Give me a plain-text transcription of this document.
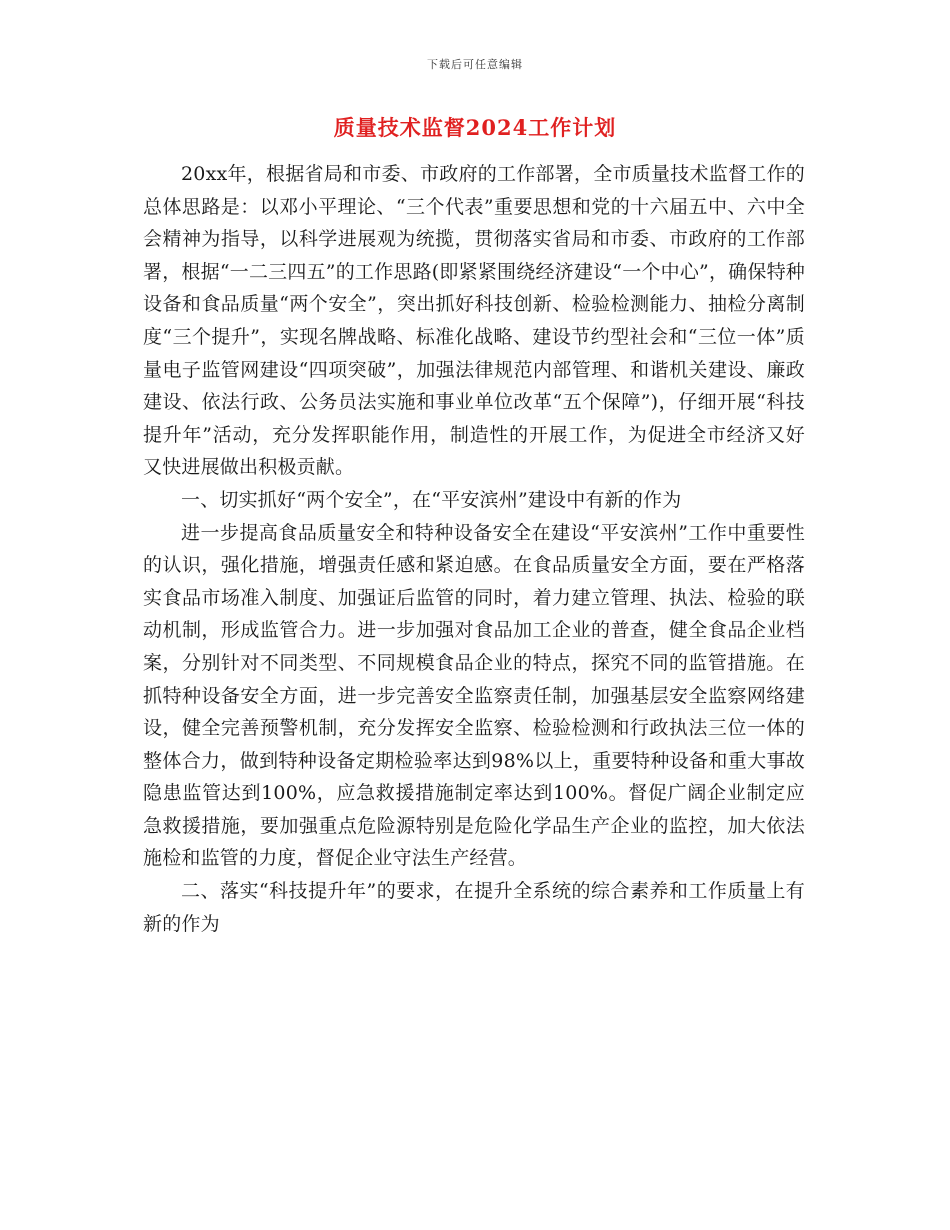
下载后可任意编辑
质量技术监督2024工作计划

20xx年，根据省局和市委、市政府的工作部署，全市质量技术监督工作的总体思路是：以邓小平理论、“三个代表”重要思想和党的十六届五中、六中全会精神为指导，以科学进展观为统揽，贯彻落实省局和市委、市政府的工作部署，根据“一二三四五”的工作思路(即紧紧围绕经济建设“一个中心”，确保特种设备和食品质量“两个安全”，突出抓好科技创新、检验检测能力、抽检分离制度“三个提升”，实现名牌战略、标准化战略、建设节约型社会和“三位一体”质量电子监管网建设“四项突破”，加强法律规范内部管理、和谐机关建设、廉政建设、依法行政、公务员法实施和事业单位改革“五个保障”)，仔细开展“科技提升年”活动，充分发挥职能作用，制造性的开展工作，为促进全市经济又好又快进展做出积极贡献。

一、切实抓好“两个安全”，在“平安滨州”建设中有新的作为

进一步提高食品质量安全和特种设备安全在建设“平安滨州”工作中重要性的认识，强化措施，增强责任感和紧迫感。在食品质量安全方面，要在严格落实食品市场准入制度、加强证后监管的同时，着力建立管理、执法、检验的联动机制，形成监管合力。进一步加强对食品加工企业的普查，健全食品企业档案，分别针对不同类型、不同规模食品企业的特点，探究不同的监管措施。在抓特种设备安全方面，进一步完善安全监察责任制，加强基层安全监察网络建设，健全完善预警机制，充分发挥安全监察、检验检测和行政执法三位一体的整体合力，做到特种设备定期检验率达到98%以上，重要特种设备和重大事故隐患监管达到100%，应急救援措施制定率达到100%。督促广阔企业制定应急救援措施，要加强重点危险源特别是危险化学品生产企业的监控，加大依法施检和监管的力度，督促企业守法生产经营。

二、落实“科技提升年”的要求，在提升全系统的综合素养和工作质量上有新的作为
